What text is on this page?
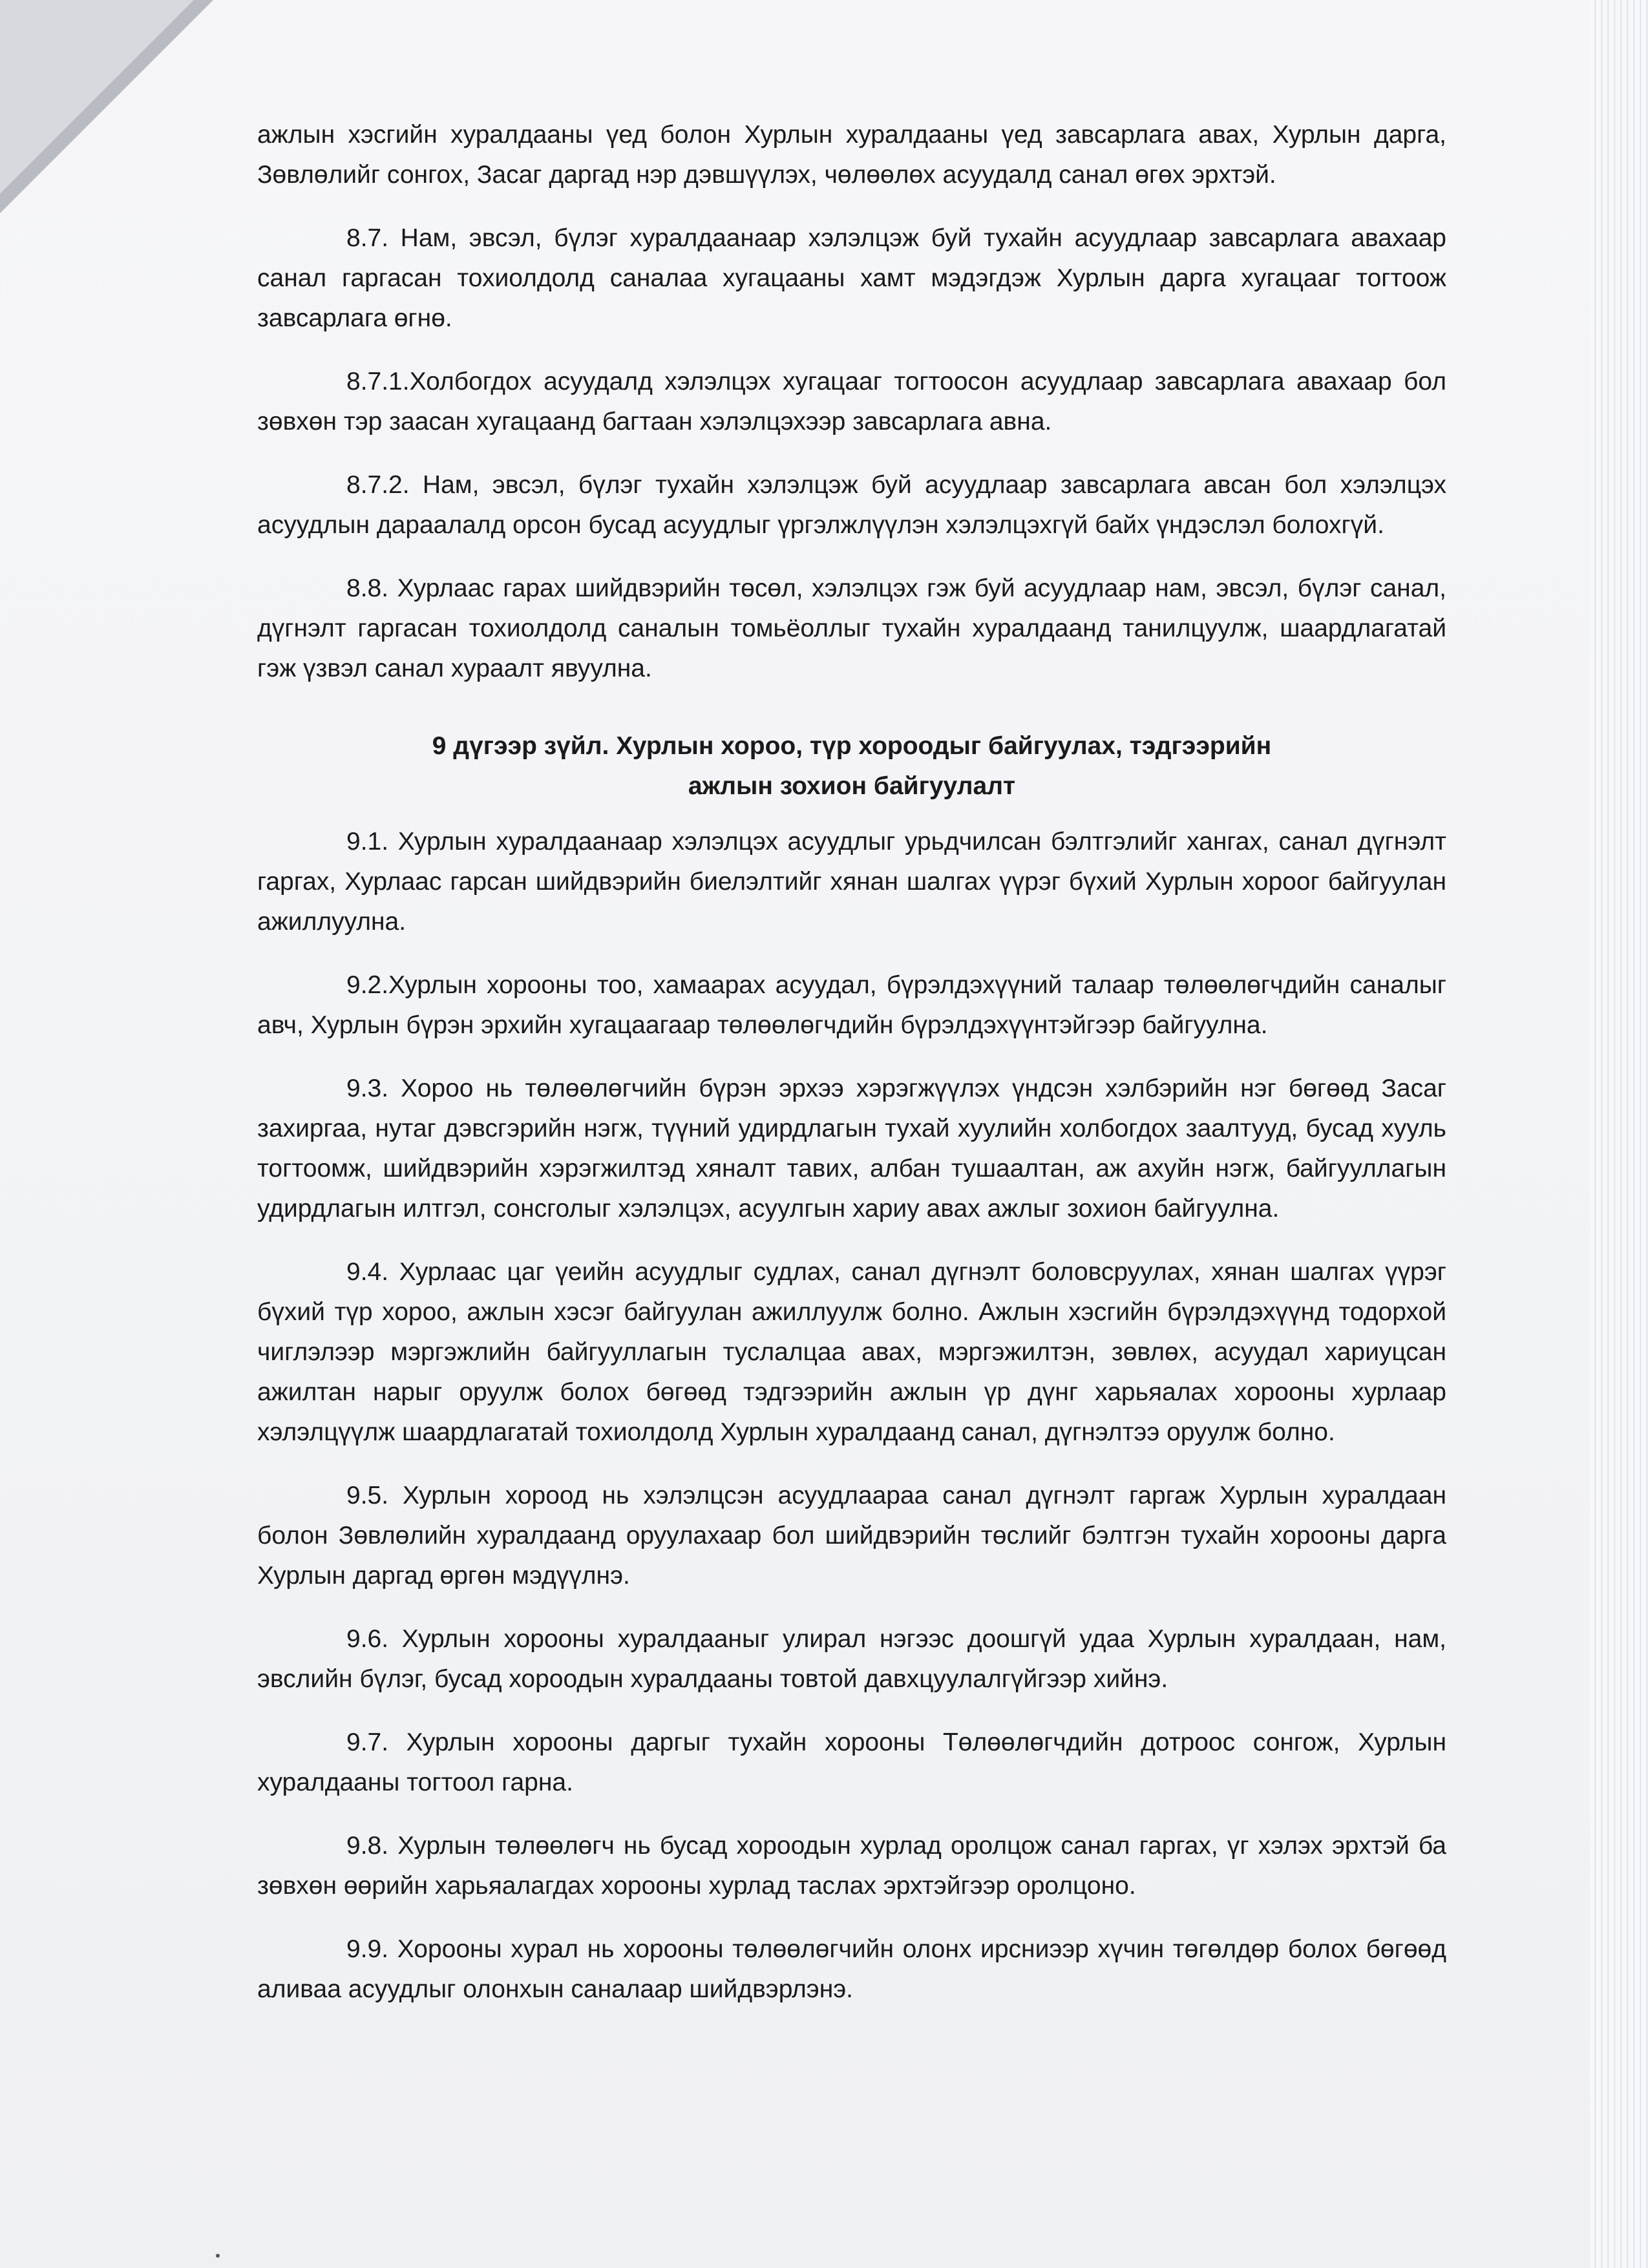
ажлын хэсгийн хуралдааны үед болон Хурлын хуралдааны үед завсарлага авах, Хурлын дарга, Зөвлөлийг сонгох, Засаг даргад нэр дэвшүүлэх, чөлөөлөх асуудалд санал өгөх эрхтэй.

8.7. Нам, эвсэл, бүлэг хуралдаанаар хэлэлцэж буй тухайн асуудлаар завсарлага авахаар санал гаргасан тохиолдолд саналаа хугацааны хамт мэдэгдэж Хурлын дарга хугацааг тогтоож завсарлага өгнө.

8.7.1.Холбогдох асуудалд хэлэлцэх хугацааг тогтоосон асуудлаар завсарлага авахаар бол зөвхөн тэр заасан хугацаанд багтаан хэлэлцэхээр завсарлага авна.

8.7.2. Нам, эвсэл, бүлэг тухайн хэлэлцэж буй асуудлаар завсарлага авсан бол хэлэлцэх асуудлын дараалалд орсон бусад асуудлыг үргэлжлүүлэн хэлэлцэхгүй байх үндэслэл болохгүй.

8.8. Хурлаас гарах шийдвэрийн төсөл, хэлэлцэх гэж буй асуудлаар нам, эвсэл, бүлэг санал, дүгнэлт гаргасан тохиолдолд саналын томьёоллыг тухайн хуралдаанд танилцуулж, шаардлагатай гэж үзвэл санал хураалт явуулна.

9 дүгээр зүйл. Хурлын хороо, түр хороодыг байгуулах, тэдгээрийн
ажлын зохион байгуулалт

9.1. Хурлын хуралдаанаар хэлэлцэх асуудлыг урьдчилсан бэлтгэлийг хангах, санал дүгнэлт гаргах, Хурлаас гарсан шийдвэрийн биелэлтийг хянан шалгах үүрэг бүхий Хурлын хороог байгуулан ажиллуулна.

9.2.Хурлын хорооны тоо, хамаарах асуудал, бүрэлдэхүүний талаар төлөөлөгчдийн саналыг авч, Хурлын бүрэн эрхийн хугацаагаар төлөөлөгчдийн бүрэлдэхүүнтэйгээр байгуулна.

9.3. Хороо нь төлөөлөгчийн бүрэн эрхээ хэрэгжүүлэх үндсэн хэлбэрийн нэг бөгөөд Засаг захиргаа, нутаг дэвсгэрийн нэгж, түүний удирдлагын тухай хуулийн холбогдох заалтууд, бусад хууль тогтоомж, шийдвэрийн хэрэгжилтэд хяналт тавих, албан тушаалтан, аж ахуйн нэгж, байгууллагын удирдлагын илтгэл, сонсголыг хэлэлцэх, асуулгын хариу авах ажлыг зохион байгуулна.

9.4. Хурлаас цаг үеийн асуудлыг судлах, санал дүгнэлт боловсруулах, хянан шалгах үүрэг бүхий түр хороо, ажлын хэсэг байгуулан ажиллуулж болно. Ажлын хэсгийн бүрэлдэхүүнд тодорхой чиглэлээр мэргэжлийн байгууллагын туслалцаа авах, мэргэжилтэн, зөвлөх, асуудал хариуцсан ажилтан нарыг оруулж болох бөгөөд тэдгээрийн ажлын үр дүнг харьяалах хорооны хурлаар хэлэлцүүлж шаардлагатай тохиолдолд Хурлын хуралдаанд санал, дүгнэлтээ оруулж болно.

9.5. Хурлын хороод нь хэлэлцсэн асуудлаараа санал дүгнэлт гаргаж Хурлын хуралдаан болон Зөвлөлийн хуралдаанд оруулахаар бол шийдвэрийн төслийг бэлтгэн тухайн хорооны дарга Хурлын даргад өргөн мэдүүлнэ.

9.6. Хурлын хорооны хуралдааныг улирал нэгээс доошгүй удаа Хурлын хуралдаан, нам, эвслийн бүлэг, бусад хороодын хуралдааны товтой давхцуулалгүйгээр хийнэ.

9.7. Хурлын хорооны даргыг тухайн хорооны Төлөөлөгчдийн дотроос сонгож, Хурлын хуралдааны тогтоол гарна.

9.8. Хурлын төлөөлөгч нь бусад хороодын хурлад оролцож санал гаргах, үг хэлэх эрхтэй ба зөвхөн өөрийн харьяалагдах хорооны хурлад таслах эрхтэйгээр оролцоно.

9.9. Хорооны хурал нь хорооны төлөөлөгчийн олонх ирсниээр хүчин төгөлдөр болох бөгөөд аливаа асуудлыг олонхын саналаар шийдвэрлэнэ.
